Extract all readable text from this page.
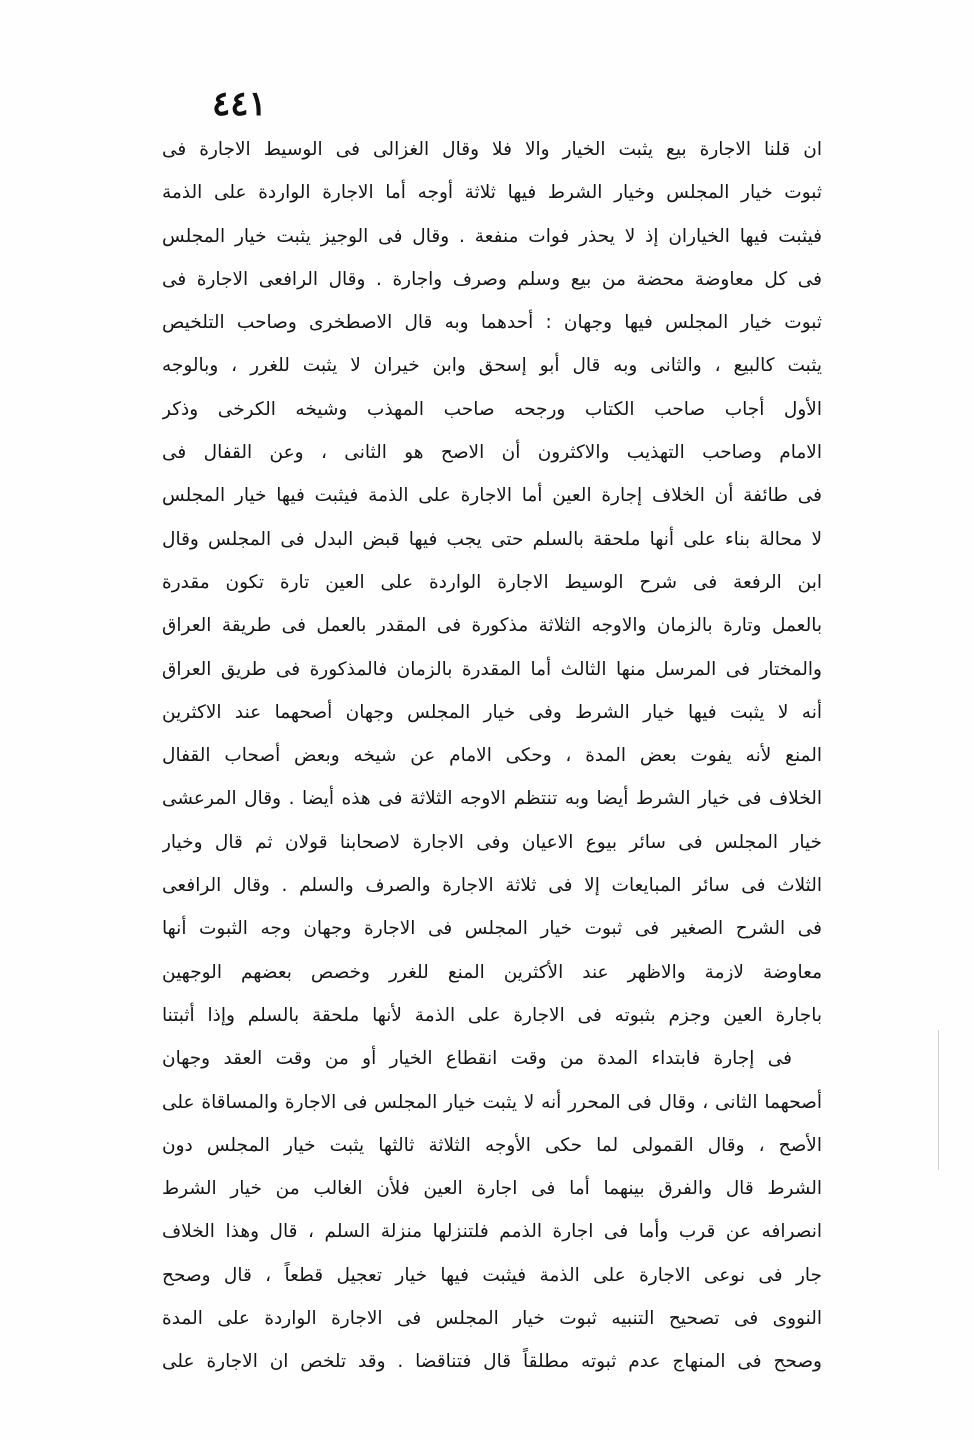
٤٤١
ان قلنا الاجارة بيع يثبت الخيار والا فلا وقال الغزالى فى الوسيط الاجارة فى
ثبوت خيار المجلس وخيار الشرط فيها ثلاثة أوجه أما الاجارة الواردة على الذمة
فيثبت فيها الخياران إذ لا يحذر فوات منفعة . وقال فى الوجيز يثبت خيار المجلس
فى كل معاوضة محضة من بيع وسلم وصرف واجارة . وقال الرافعى الاجارة فى
ثبوت خيار المجلس فيها وجهان : أحدهما وبه قال الاصطخرى وصاحب التلخيص
يثبت كالبيع ، والثانى وبه قال أبو إسحق وابن خيران لا يثبت للغرر ، وبالوجه
الأول أجاب صاحب الكتاب ورجحه صاحب المهذب وشيخه الكرخى وذكر
الامام وصاحب التهذيب والاكثرون أن الاصح هو الثانى ، وعن القفال فى
فى طائفة أن الخلاف إجارة العين أما الاجارة على الذمة فيثبت فيها خيار المجلس
لا محالة بناء على أنها ملحقة بالسلم حتى يجب فيها قبض البدل فى المجلس وقال
ابن الرفعة فى شرح الوسيط الاجارة الواردة على العين تارة تكون مقدرة
بالعمل وتارة بالزمان والاوجه الثلاثة مذكورة فى المقدر بالعمل فى طريقة العراق
والمختار فى المرسل منها الثالث أما المقدرة بالزمان فالمذكورة فى طريق العراق
أنه لا يثبت فيها خيار الشرط وفى خيار المجلس وجهان أصحهما عند الاكثرين
المنع لأنه يفوت بعض المدة ، وحكى الامام عن شيخه وبعض أصحاب القفال
الخلاف فى خيار الشرط أيضا وبه تنتظم الاوجه الثلاثة فى هذه أيضا . وقال المرعشى
خيار المجلس فى سائر بيوع الاعيان وفى الاجارة لاصحابنا قولان ثم قال وخيار
الثلاث فى سائر المبايعات إلا فى ثلاثة الاجارة والصرف والسلم . وقال الرافعى
فى الشرح الصغير فى ثبوت خيار المجلس فى الاجارة وجهان وجه الثبوت أنها
معاوضة لازمة والاظهر عند الأكثرين المنع للغرر وخصص بعضهم الوجهين
باجارة العين وجزم بثبوته فى الاجارة على الذمة لأنها ملحقة بالسلم وإذا أثبتنا
فى إجارة فابتداء المدة من وقت انقطاع الخيار أو من وقت العقد وجهان
أصحهما الثانى ، وقال فى المحرر أنه لا يثبت خيار المجلس فى الاجارة والمساقاة على
الأصح ، وقال القمولى لما حكى الأوجه الثلاثة ثالثها يثبت خيار المجلس دون
الشرط قال والفرق بينهما أما فى اجارة العين فلأن الغالب من خيار الشرط
انصرافه عن قرب وأما فى اجارة الذمم فلتنزلها منزلة السلم ، قال وهذا الخلاف
جار فى نوعى الاجارة على الذمة فيثبت فيها خيار تعجيل قطعاً ، قال وصحح
النووى فى تصحيح التنبيه ثبوت خيار المجلس فى الاجارة الواردة على المدة
وصحح فى المنهاج عدم ثبوته مطلقاً قال فتناقضا . وقد تلخص ان الاجارة على
